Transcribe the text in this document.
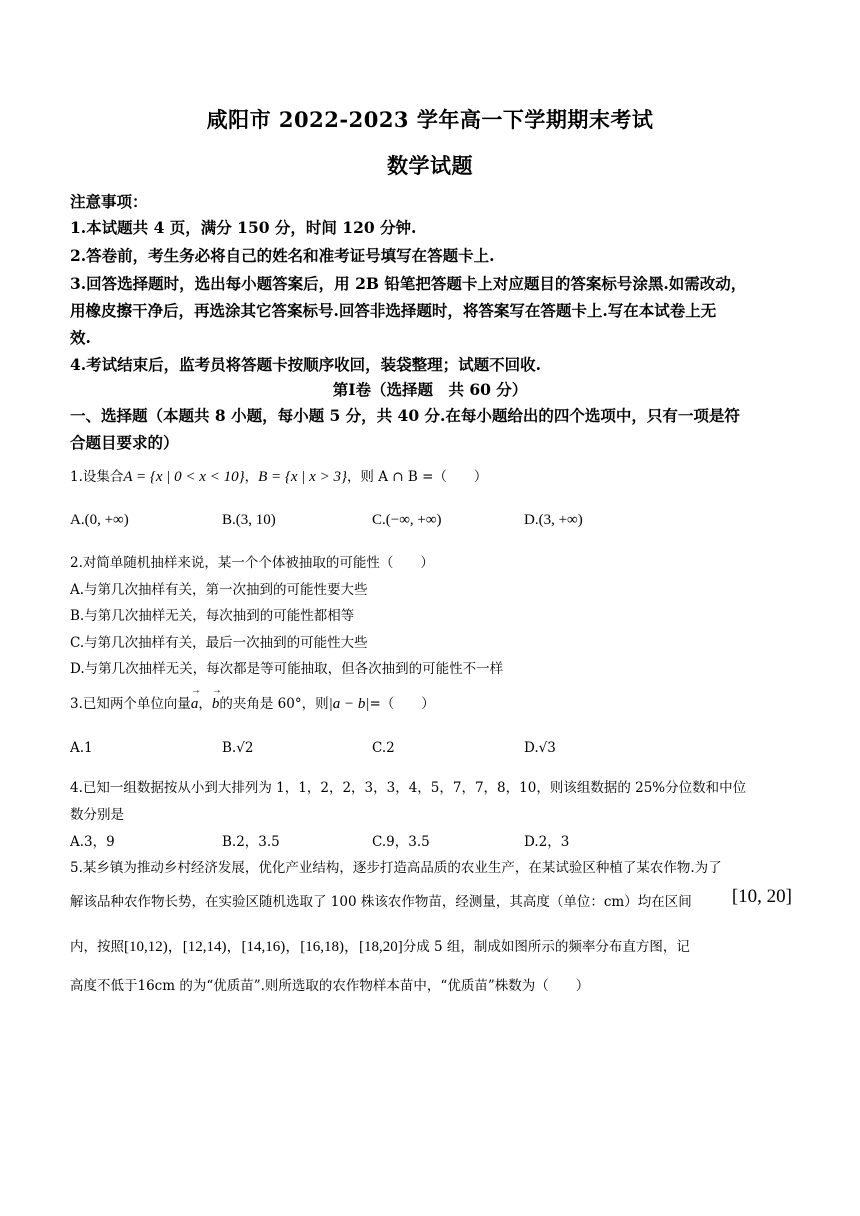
咸阳市 2022-2023 学年高一下学期期末考试
数学试题
注意事项：
1.本试题共 4 页，满分 150 分，时间 120 分钟.
2.答卷前，考生务必将自己的姓名和准考证号填写在答题卡上.
3.回答选择题时，选出每小题答案后，用 2B 铅笔把答题卡上对应题目的答案标号涂黑.如需改动，
用橡皮擦干净后，再选涂其它答案标号.回答非选择题时，将答案写在答题卡上.写在本试卷上无
效.
4.考试结束后，监考员将答题卡按顺序收回，装袋整理；试题不回收.
第Ⅰ卷（选择题　共 60 分）
一、选择题（本题共 8 小题，每小题 5 分，共 40 分.在每小题给出的四个选项中，只有一项是符
合题目要求的）
1.设集合A = {x | 0 < x < 10}，B = {x | x > 3}，则 A ∩ B =（　　）
A.(0, +∞)	B.(3, 10)	C.(−∞, +∞)	D.(3, +∞)
2.对简单随机抽样来说，某一个个体被抽取的可能性（　　）
A.与第几次抽样有关，第一次抽到的可能性要大些
B.与第几次抽样无关，每次抽到的可能性都相等
C.与第几次抽样有关，最后一次抽到的可能性大些
D.与第几次抽样无关，每次都是等可能抽取，但各次抽到的可能性不一样
3.已知两个单位向量→ a，→ b的夹角是 60°，则|a − b|=（　　）
A.1	B.√2	C.2	D.√3
4.已知一组数据按从小到大排列为 1，1，2，2，3，3，4，5，7，7，8，10，则该组数据的 25%分位数和中位
数分别是
A.3，9	B.2，3.5	C.9，3.5	D.2，3
5.某乡镇为推动乡村经济发展，优化产业结构，逐步打造高品质的农业生产，在某试验区种植了某农作物.为了
解该品种农作物长势，在实验区随机选取了 100 株该农作物苗，经测量，其高度（单位：cm）均在区间 [10, 20]
内，按照[10,12)，[12,14)，[14,16)，[16,18)，[18,20]分成 5 组，制成如图所示的频率分布直方图，记
高度不低于16cm 的为“优质苗”.则所选取的农作物样本苗中，“优质苗”株数为（　　）
